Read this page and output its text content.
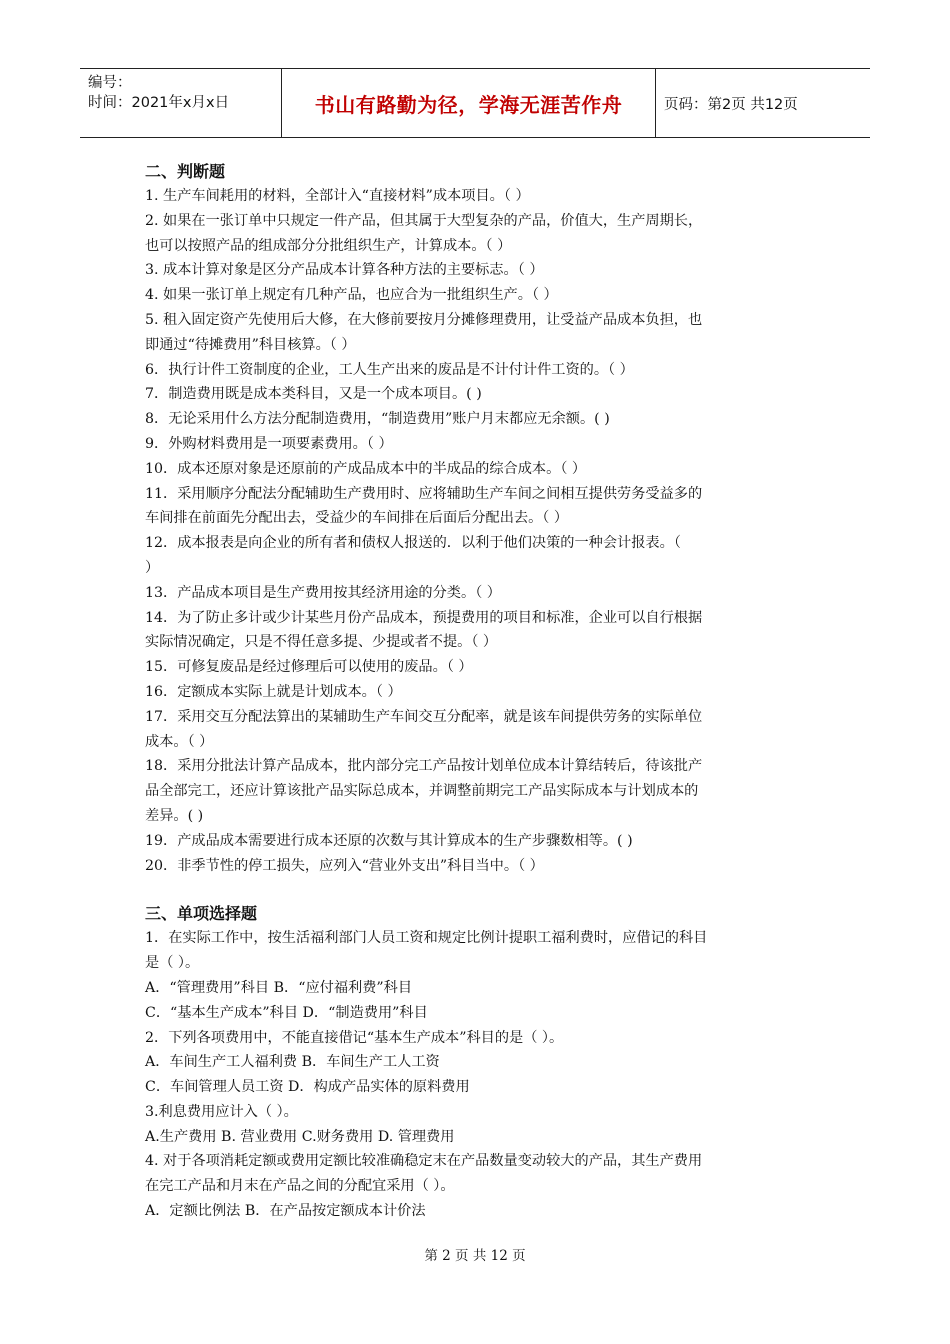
编号：
时间：2021年x月x日	书山有路勤为径，学海无涯苦作舟	页码：第2页 共12页
二、判断题
1. 生产车间耗用的材料，全部计入“直接材料”成本项目。（ ）
2. 如果在一张订单中只规定一件产品，但其属于大型复杂的产品，价值大，生产周期长，
也可以按照产品的组成部分分批组织生产，计算成本。（ ）
3. 成本计算对象是区分产品成本计算各种方法的主要标志。（ ）
4. 如果一张订单上规定有几种产品，也应合为一批组织生产。（ ）
5. 租入固定资产先使用后大修，在大修前要按月分摊修理费用，让受益产品成本负担，也
即通过“待摊费用”科目核算。（ ）
6．执行计件工资制度的企业，工人生产出来的废品是不计付计件工资的。（ ）
7．制造费用既是成本类科目，又是一个成本项目。( )
8．无论采用什么方法分配制造费用，“制造费用”账户月末都应无余额。( )
9．外购材料费用是一项要素费用。（ ）
10．成本还原对象是还原前的产成品成本中的半成品的综合成本。（ ）
11．采用顺序分配法分配辅助生产费用时、应将辅助生产车间之间相互提供劳务受益多的
车间排在前面先分配出去，受益少的车间排在后面后分配出去。（ ）
12．成本报表是向企业的所有者和债权人报送的．以利于他们决策的一种会计报表。（
）
13．产品成本项目是生产费用按其经济用途的分类。（ ）
14．为了防止多计或少计某些月份产品成本，预提费用的项目和标准，企业可以自行根据
实际情况确定，只是不得任意多提、少提或者不提。（ ）
15．可修复废品是经过修理后可以使用的废品。（ ）
16．定额成本实际上就是计划成本。（ ）
17．采用交互分配法算出的某辅助生产车间交互分配率，就是该车间提供劳务的实际单位
成本。（ ）
18．采用分批法计算产品成本，批内部分完工产品按计划单位成本计算结转后，待该批产
品全部完工，还应计算该批产品实际总成本，并调整前期完工产品实际成本与计划成本的
差异。( )
19．产成品成本需要进行成本还原的次数与其计算成本的生产步骤数相等。( )
20．非季节性的停工损失，应列入“营业外支出”科目当中。（ ）
三、单项选择题
1．在实际工作中，按生活福利部门人员工资和规定比例计提职工福利费时，应借记的科目
是（ ）。
A．“管理费用”科目 B．“应付福利费”科目
C．“基本生产成本”科目 D．“制造费用”科目
2．下列各项费用中，不能直接借记“基本生产成本”科目的是（ ）。
A．车间生产工人福利费 B．车间生产工人工资
C．车间管理人员工资 D．构成产品实体的原料费用
3.利息费用应计入（ ）。
A.生产费用 B. 营业费用 C.财务费用 D. 管理费用
4. 对于各项消耗定额或费用定额比较准确稳定末在产品数量变动较大的产品，其生产费用
在完工产品和月末在产品之间的分配宜采用（ ）。
A．定额比例法 B．在产品按定额成本计价法
第 2 页 共 12 页
